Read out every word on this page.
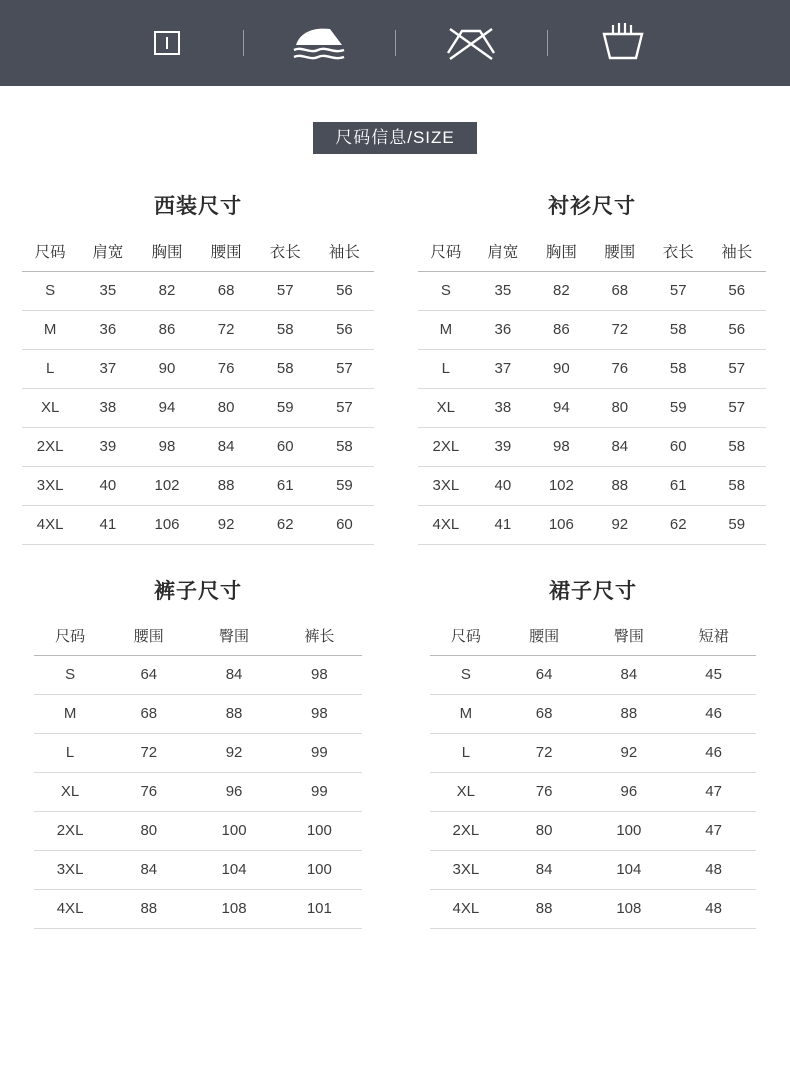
尺码信息/SIZE
西装尺寸
尺码	肩宽	胸围	腰围	衣长	袖长
S	35	82	68	57	56
M	36	86	72	58	56
L	37	90	76	58	57
XL	38	94	80	59	57
2XL	39	98	84	60	58
3XL	40	102	88	61	59
4XL	41	106	92	62	60
衬衫尺寸
尺码	肩宽	胸围	腰围	衣长	袖长
S	35	82	68	57	56
M	36	86	72	58	56
L	37	90	76	58	57
XL	38	94	80	59	57
2XL	39	98	84	60	58
3XL	40	102	88	61	58
4XL	41	106	92	62	59
裤子尺寸
尺码	腰围	臀围	裤长
S	64	84	98
M	68	88	98
L	72	92	99
XL	76	96	99
2XL	80	100	100
3XL	84	104	100
4XL	88	108	101
裙子尺寸
尺码	腰围	臀围	短裙
S	64	84	45
M	68	88	46
L	72	92	46
XL	76	96	47
2XL	80	100	47
3XL	84	104	48
4XL	88	108	48
